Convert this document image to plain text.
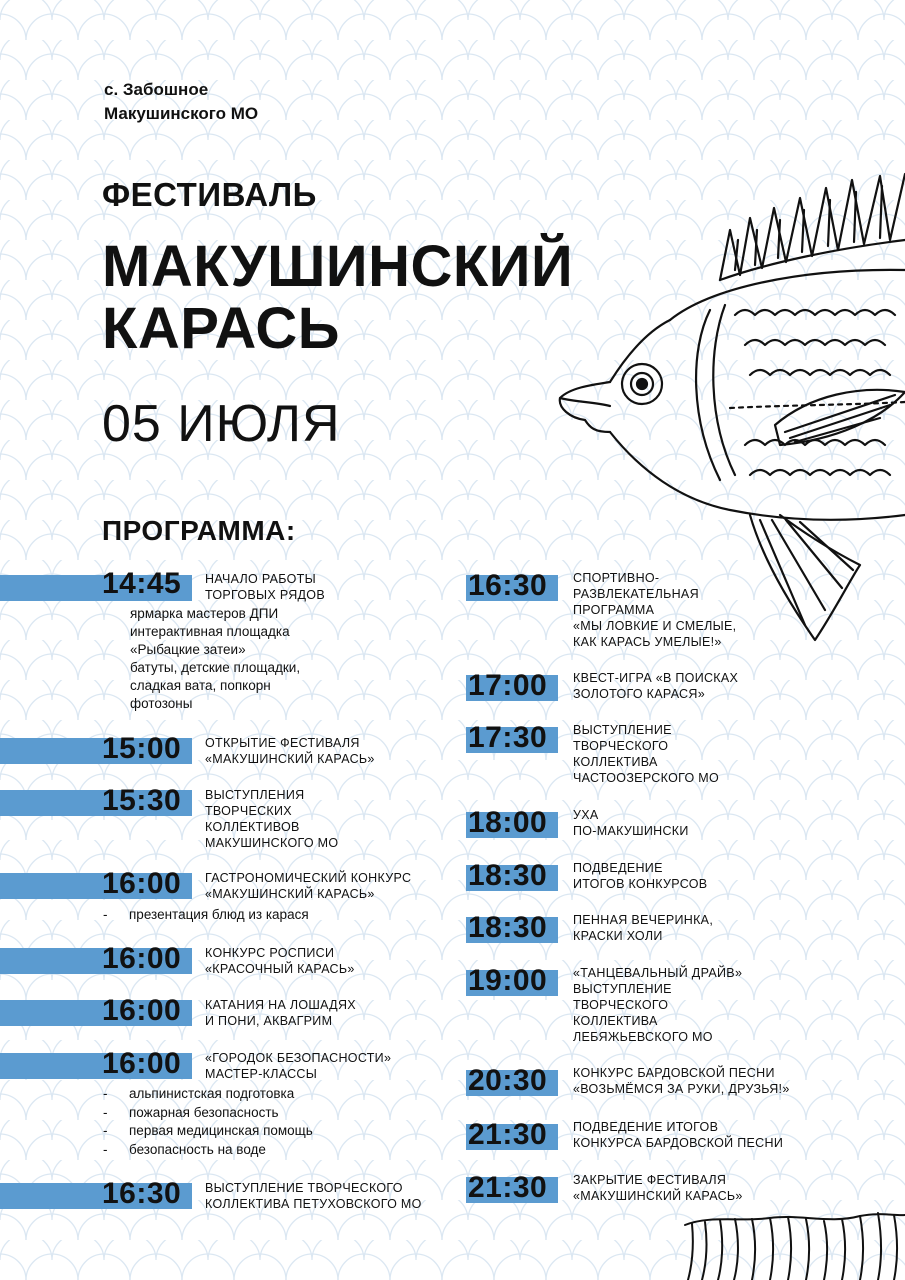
с. Забошное
Макушинского МО
ФЕСТИВАЛЬ
МАКУШИНСКИЙ
КАРАСЬ
05 ИЮЛЯ
ПРОГРАММА:
14:45 НАЧАЛО РАБОТЫ
ТОРГОВЫХ РЯДОВ
ярмарка мастеров ДПИ
интерактивная площадка
«Рыбацкие затеи»
батуты, детские площадки,
сладкая вата, попкорн
фотозоны
15:00 ОТКРЫТИЕ ФЕСТИВАЛЯ
«МАКУШИНСКИЙ КАРАСЬ»
15:30 ВЫСТУПЛЕНИЯ
ТВОРЧЕСКИХ
КОЛЛЕКТИВОВ
МАКУШИНСКОГО МО
16:00 ГАСТРОНОМИЧЕСКИЙ КОНКУРС
«МАКУШИНСКИЙ КАРАСЬ»
- презентация блюд из карася
16:00 КОНКУРС РОСПИСИ
«КРАСОЧНЫЙ КАРАСЬ»
16:00 КАТАНИЯ НА ЛОШАДЯХ
И ПОНИ, АКВАГРИМ
16:00 «ГОРОДОК БЕЗОПАСНОСТИ»
МАСТЕР-КЛАССЫ
- альпинистская подготовка
- пожарная безопасность
- первая медицинская помощь
- безопасность на воде
16:30 ВЫСТУПЛЕНИЕ ТВОРЧЕСКОГО
КОЛЛЕКТИВА ПЕТУХОВСКОГО МО
16:30 СПОРТИВНО-
РАЗВЛЕКАТЕЛЬНАЯ
ПРОГРАММА
«МЫ ЛОВКИЕ И СМЕЛЫЕ,
КАК КАРАСЬ УМЕЛЫЕ!»
17:00 КВЕСТ-ИГРА «В ПОИСКАХ
ЗОЛОТОГО КАРАСЯ»
17:30 ВЫСТУПЛЕНИЕ
ТВОРЧЕСКОГО
КОЛЛЕКТИВА
ЧАСТООЗЕРСКОГО МО
18:00 УХА
ПО-МАКУШИНСКИ
18:30 ПОДВЕДЕНИЕ
ИТОГОВ КОНКУРСОВ
18:30 ПЕННАЯ ВЕЧЕРИНКА,
КРАСКИ ХОЛИ
19:00 «ТАНЦЕВАЛЬНЫЙ ДРАЙВ»
ВЫСТУПЛЕНИЕ
ТВОРЧЕСКОГО
КОЛЛЕКТИВА
ЛЕБЯЖЬЕВСКОГО МО
20:30 КОНКУРС БАРДОВСКОЙ ПЕСНИ
«ВОЗЬМЁМСЯ ЗА РУКИ, ДРУЗЬЯ!»
21:30 ПОДВЕДЕНИЕ ИТОГОВ
КОНКУРСА БАРДОВСКОЙ ПЕСНИ
21:30 ЗАКРЫТИЕ ФЕСТИВАЛЯ
«МАКУШИНСКИЙ КАРАСЬ»
